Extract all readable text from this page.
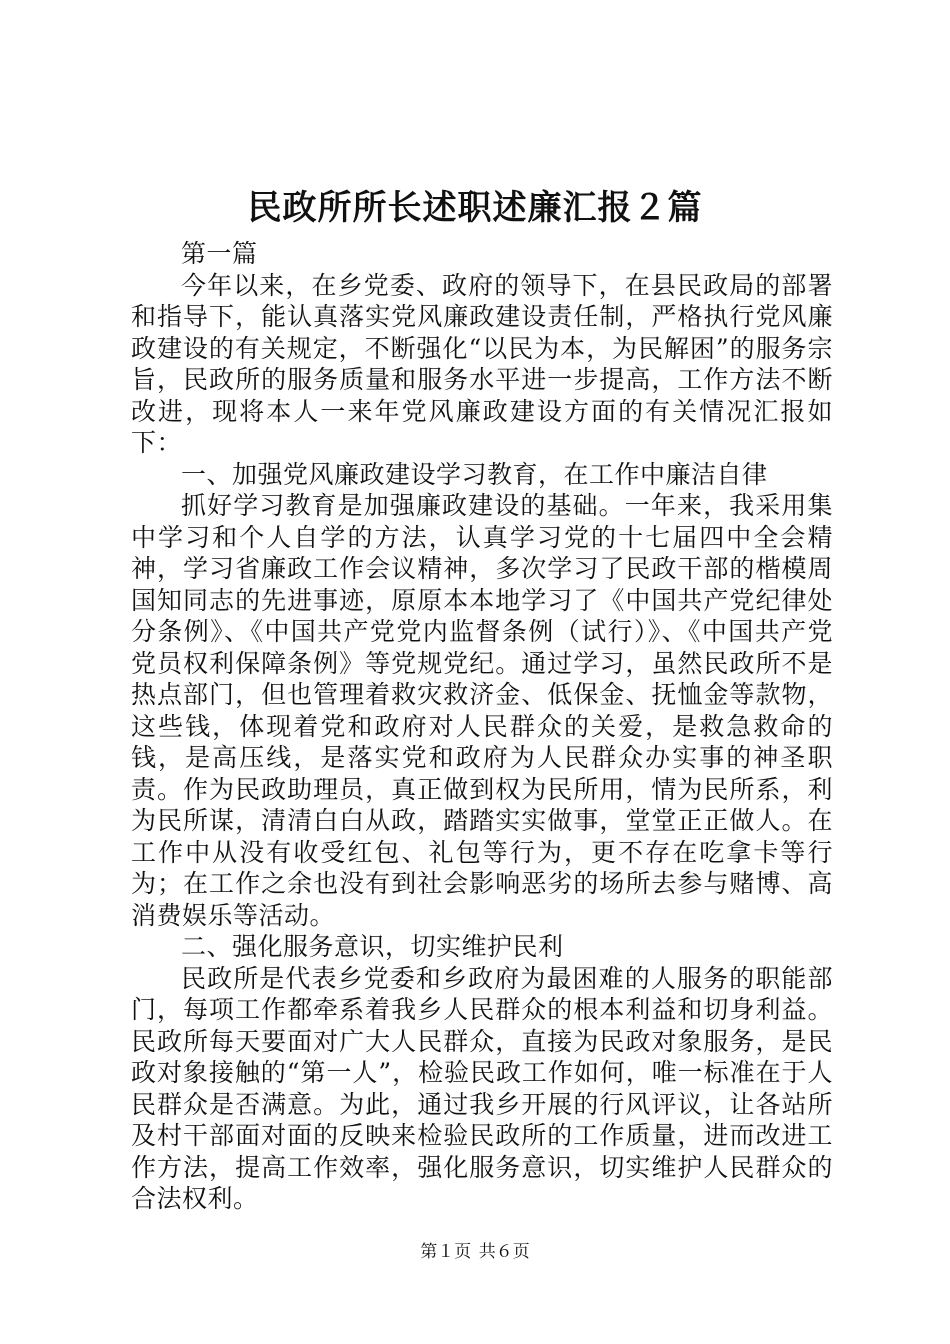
民政所所长述职述廉汇报２篇

第一篇

今年以来，在乡党委、政府的领导下，在县民政局的部署和指导下，能认真落实党风廉政建设责任制，严格执行党风廉政建设的有关规定，不断强化“以民为本，为民解困”的服务宗旨，民政所的服务质量和服务水平进一步提高，工作方法不断改进，现将本人一来年党风廉政建设方面的有关情况汇报如下：

一、加强党风廉政建设学习教育，在工作中廉洁自律

抓好学习教育是加强廉政建设的基础。一年来，我采用集中学习和个人自学的方法，认真学习党的十七届四中全会精神，学习省廉政工作会议精神，多次学习了民政干部的楷模周国知同志的先进事迹，原原本本地学习了《中国共产党纪律处分条例》、《中国共产党党内监督条例（试行）》、《中国共产党党员权利保障条例》等党规党纪。通过学习，虽然民政所不是热点部门，但也管理着救灾救济金、低保金、抚恤金等款物，这些钱，体现着党和政府对人民群众的关爱，是救急救命的钱，是高压线，是落实党和政府为人民群众办实事的神圣职责。作为民政助理员，真正做到权为民所用，情为民所系，利为民所谋，清清白白从政，踏踏实实做事，堂堂正正做人。在工作中从没有收受红包、礼包等行为，更不存在吃拿卡等行为；在工作之余也没有到社会影响恶劣的场所去参与赌博、高消费娱乐等活动。

二、强化服务意识，切实维护民利

民政所是代表乡党委和乡政府为最困难的人服务的职能部门，每项工作都牵系着我乡人民群众的根本利益和切身利益。民政所每天要面对广大人民群众，直接为民政对象服务，是民政对象接触的“第一人”，检验民政工作如何，唯一标准在于人民群众是否满意。为此，通过我乡开展的行风评议，让各站所及村干部面对面的反映来检验民政所的工作质量，进而改进工作方法，提高工作效率，强化服务意识，切实维护人民群众的合法权利。

第１页 共６页
